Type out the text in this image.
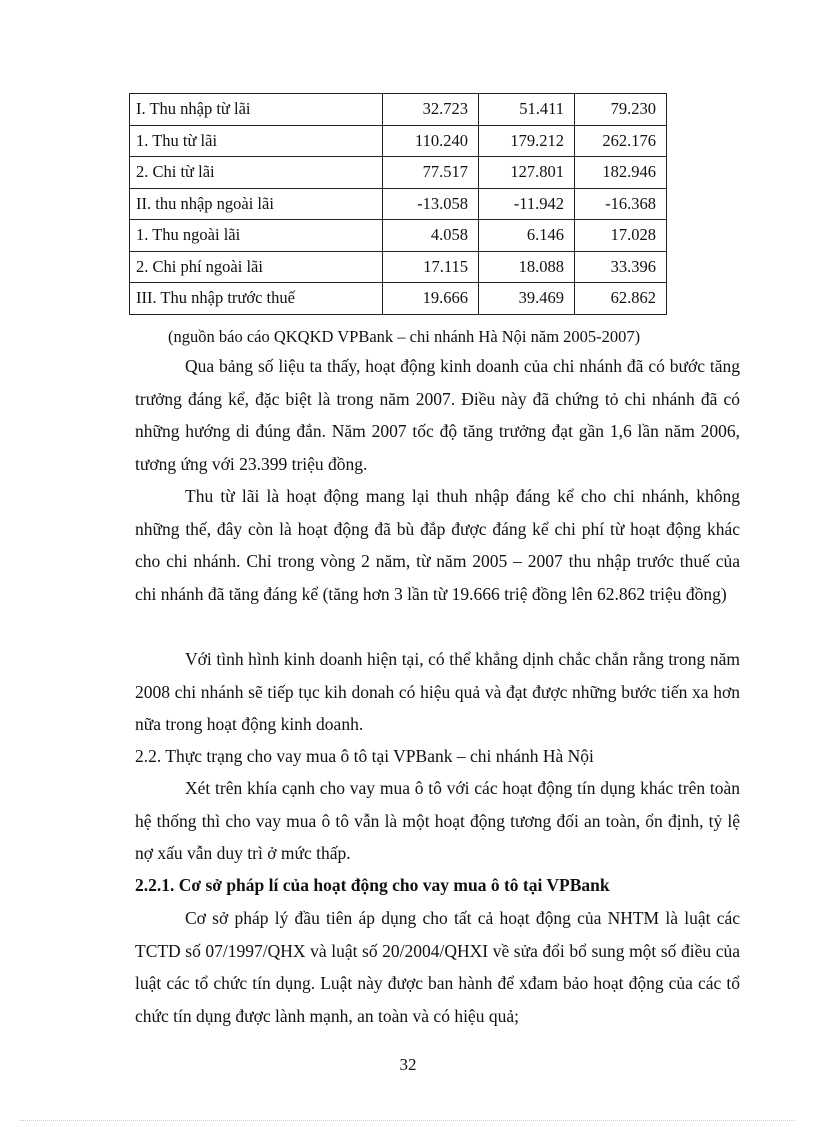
I. Thu nhập từ lãi	32.723	51.411	79.230
1. Thu từ lãi	110.240	179.212	262.176
2. Chi từ lãi	77.517	127.801	182.946
II. thu nhập ngoài lãi	-13.058	-11.942	-16.368
1. Thu ngoài lãi	4.058	6.146	17.028
2. Chi phí ngoài lãi	17.115	18.088	33.396
III. Thu nhập trước thuế	19.666	39.469	62.862
(nguồn báo cáo QKQKD VPBank – chi nhánh Hà Nội năm 2005-2007)
Qua bảng số liệu ta thấy, hoạt động kinh doanh của chi nhánh đã có bước tăng trưởng đáng kể, đặc biệt là trong năm 2007. Điều này đã chứng tỏ chi nhánh đã có những hướng di đúng đắn. Năm 2007 tốc độ tăng trưởng đạt gần 1,6 lần năm 2006, tương ứng với 23.399 triệu đồng.
Thu từ lãi là hoạt động mang lại thuh nhập đáng kể cho chi nhánh, không những thế, đây còn là hoạt động đã bù đắp được đáng kể chi phí từ hoạt động khác cho chi nhánh. Chỉ trong vòng 2 năm, từ năm 2005 – 2007 thu nhập trước thuế của chi nhánh đã tăng đáng kể (tăng hơn 3 lần từ 19.666 triệ đồng lên 62.862 triệu đồng)
Với tình hình kinh doanh hiện tại, có thể khẳng dịnh chắc chắn rằng trong năm 2008 chi nhánh sẽ tiếp tục kih donah có hiệu quả và đạt được những bước tiến xa hơn nữa trong hoạt động kinh doanh.
2.2. Thực trạng cho vay mua ô tô tại VPBank – chi nhánh Hà Nội
Xét trên khía cạnh cho vay mua ô tô với các hoạt động tín dụng khác trên toàn hệ thống thì cho vay mua ô tô vẫn là một hoạt động tương đối an toàn, ổn định, tỷ lệ nợ xấu vẫn duy trì ở mức thấp.
2.2.1. Cơ sở pháp lí của hoạt động cho vay mua ô tô tại VPBank
Cơ sở pháp lý đầu tiên áp dụng cho tất cả hoạt động của NHTM là luật các TCTD số 07/1997/QHX và luật số 20/2004/QHXI về sửa đổi bổ sung một số điều của luật các tổ chức tín dụng. Luật này được ban hành để xđam bảo hoạt động của các tổ chức tín dụng được lành mạnh, an toàn và có hiệu quả;
32
